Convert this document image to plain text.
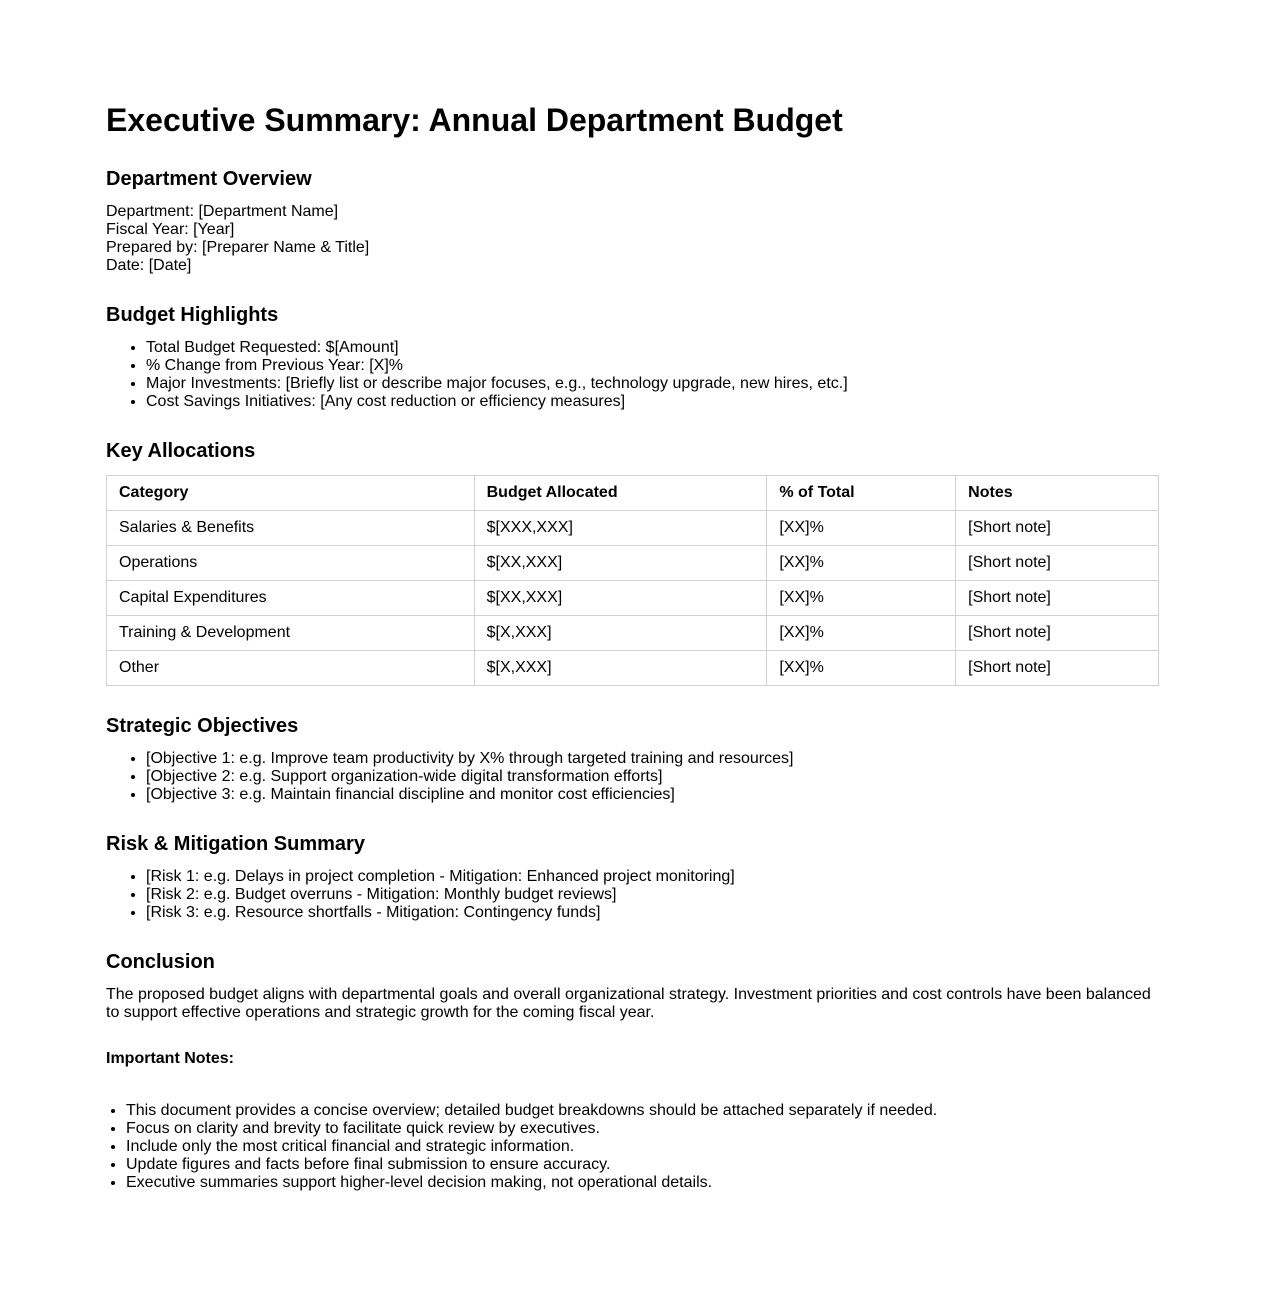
Executive Summary: Annual Department Budget
Department Overview
Department: [Department Name]
Fiscal Year: [Year]
Prepared by: [Preparer Name & Title]
Date: [Date]
Budget Highlights
• Total Budget Requested: $[Amount]
• % Change from Previous Year: [X]%
• Major Investments: [Briefly list or describe major focuses, e.g., technology upgrade, new hires, etc.]
• Cost Savings Initiatives: [Any cost reduction or efficiency measures]
Key Allocations
Category	Budget Allocated	% of Total	Notes
Salaries & Benefits	$[XXX,XXX]	[XX]%	[Short note]
Operations	$[XX,XXX]	[XX]%	[Short note]
Capital Expenditures	$[XX,XXX]	[XX]%	[Short note]
Training & Development	$[X,XXX]	[XX]%	[Short note]
Other	$[X,XXX]	[XX]%	[Short note]
Strategic Objectives
• [Objective 1: e.g. Improve team productivity by X% through targeted training and resources]
• [Objective 2: e.g. Support organization-wide digital transformation efforts]
• [Objective 3: e.g. Maintain financial discipline and monitor cost efficiencies]
Risk & Mitigation Summary
• [Risk 1: e.g. Delays in project completion - Mitigation: Enhanced project monitoring]
• [Risk 2: e.g. Budget overruns - Mitigation: Monthly budget reviews]
• [Risk 3: e.g. Resource shortfalls - Mitigation: Contingency funds]
Conclusion

The proposed budget aligns with departmental goals and overall organizational strategy. Investment priorities and cost controls have been balanced to support effective operations and strategic growth for the coming fiscal year.

Important Notes:
• This document provides a concise overview; detailed budget breakdowns should be attached separately if needed.
• Focus on clarity and brevity to facilitate quick review by executives.
• Include only the most critical financial and strategic information.
• Update figures and facts before final submission to ensure accuracy.
• Executive summaries support higher-level decision making, not operational details.
